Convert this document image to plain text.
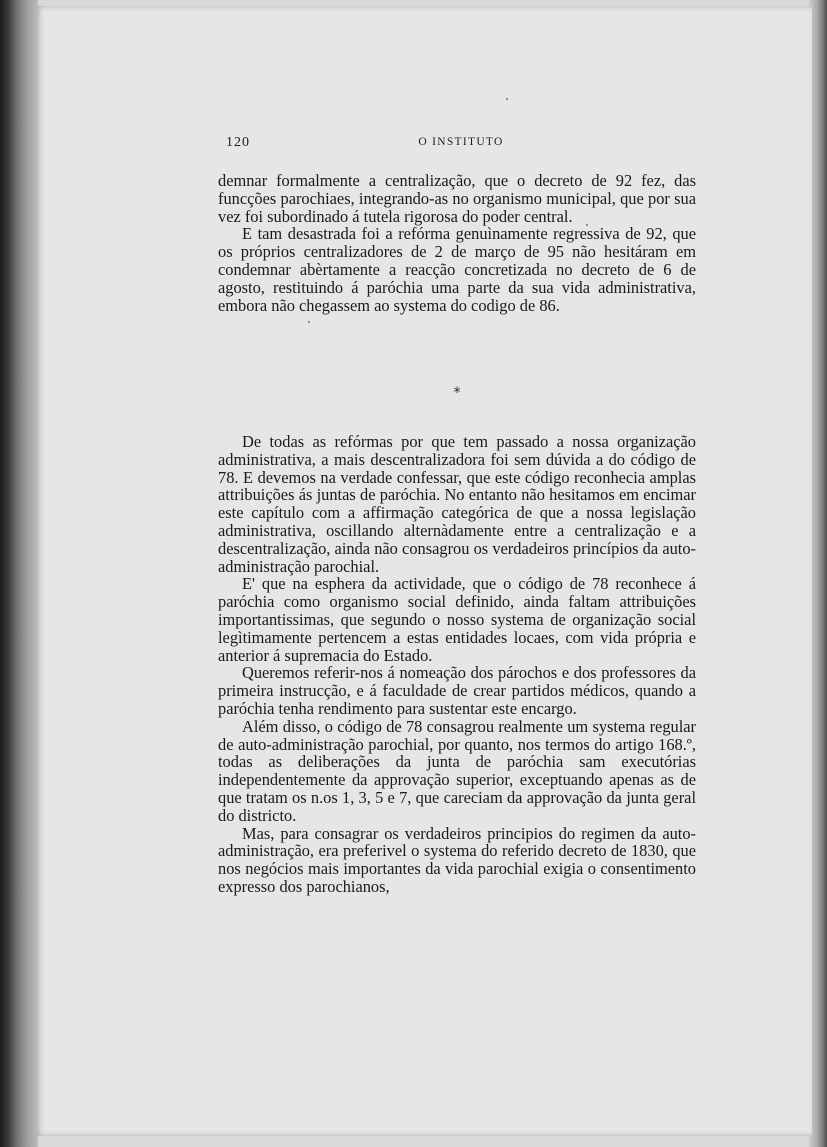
120	O INSTITUTO

demnar formalmente a centralização, que o decreto de 92 fez, das funcções parochiaes, integrando-as no organismo municipal, que por sua vez foi subordinado á tutela rigorosa do poder central.

E tam desastrada foi a refórma genuìnamente regressiva de 92, que os próprios centralizadores de 2 de março de 95 não hesitáram em condemnar abèrtamente a reacção concretizada no decreto de 6 de agosto, restituindo á paróchia uma parte da sua vida administrativa, embora não chegassem ao systema do codigo de 86.

*

De todas as refórmas por que tem passado a nossa organização administrativa, a mais descentralizadora foi sem dúvida a do código de 78. E devemos na verdade confessar, que este código reconhecia amplas attribuições ás juntas de paróchia. No entanto não hesitamos em encimar este capítulo com a affirmação categórica de que a nossa legislação administrativa, oscillando alternàdamente entre a centralização e a descentralização, ainda não consagrou os verdadeiros princípios da auto-administração parochial.

E' que na esphera da actividade, que o código de 78 reconhece á paróchia como organismo social definido, ainda faltam attribuições importantissimas, que segundo o nosso systema de organização social legìtimamente pertencem a estas entidades locaes, com vida própria e anterior á supremacia do Estado.

Queremos referir-nos á nomeação dos párochos e dos professores da primeira instrucção, e á faculdade de crear partidos médicos, quando a paróchia tenha rendimento para sustentar este encargo.

Além disso, o código de 78 consagrou realmente um systema regular de auto-administração parochial, por quanto, nos termos do artigo 168.º, todas as deliberações da junta de paróchia sam executórias independentemente da approvação superior, exceptuando apenas as de que tratam os n.os 1, 3, 5 e 7, que careciam da approvação da junta geral do districto.

Mas, para consagrar os verdadeiros principios do regimen da auto-administração, era preferivel o systema do referido decreto de 1830, que nos negócios mais importantes da vida parochial exigia o consentimento expresso dos parochianos,
